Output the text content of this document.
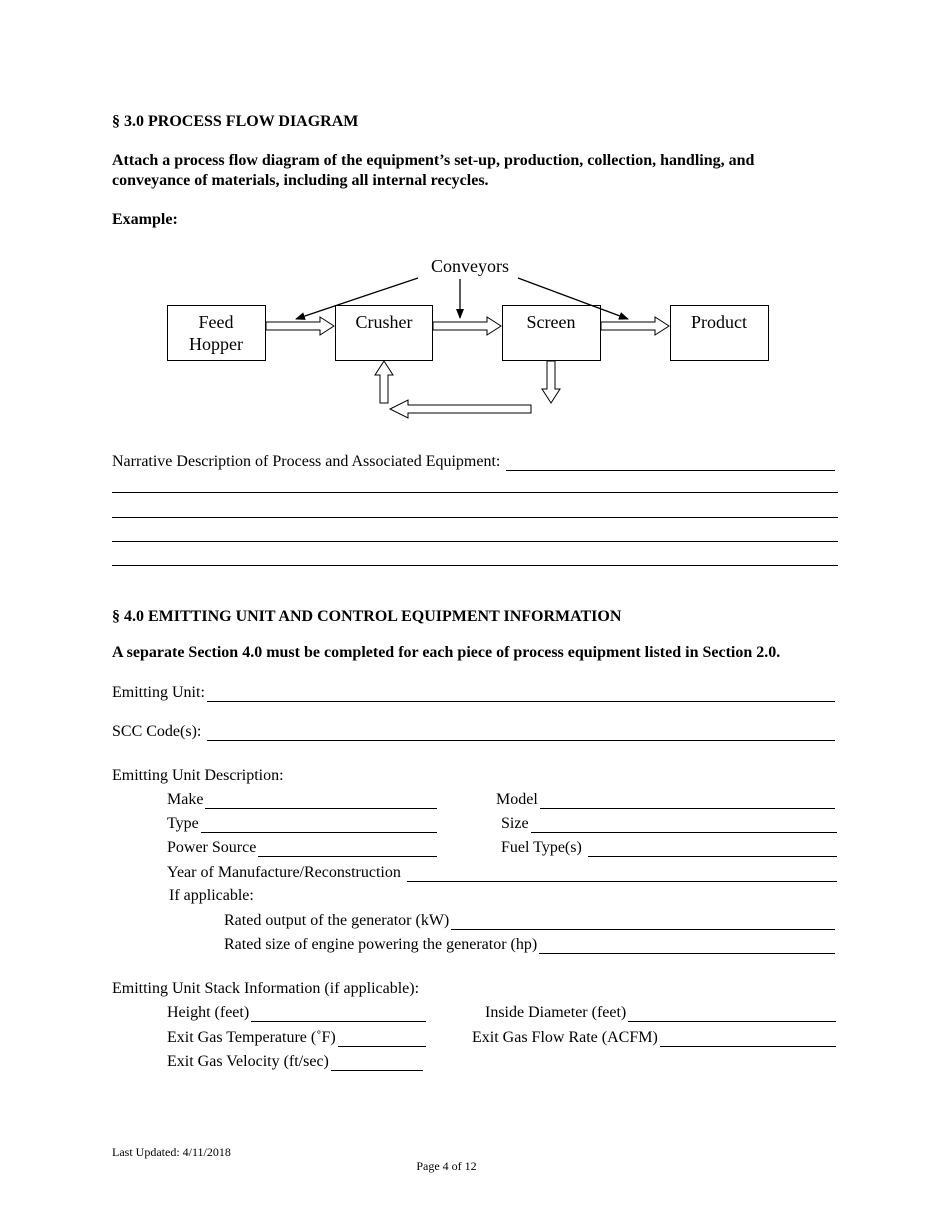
§ 3.0 PROCESS FLOW DIAGRAM
Attach a process flow diagram of the equipment’s set-up, production, collection, handling, and
conveyance of materials, including all internal recycles.
Example:
Conveyors
Feed
Hopper
Crusher	Screen	Product
Narrative Description of Process and Associated Equipment:
§ 4.0 EMITTING UNIT AND CONTROL EQUIPMENT INFORMATION
A separate Section 4.0 must be completed for each piece of process equipment listed in Section 2.0.
Emitting Unit:
SCC Code(s):
Emitting Unit Description:
Make	Model
Type	Size
Power Source	Fuel Type(s)
Year of Manufacture/Reconstruction
If applicable:
Rated output of the generator (kW)
Rated size of engine powering the generator (hp)
Emitting Unit Stack Information (if applicable):
Height (feet)	Inside Diameter (feet)
Exit Gas Temperature (˚F)	Exit Gas Flow Rate (ACFM)
Exit Gas Velocity (ft/sec)
Last Updated: 4/11/2018
Page 4 of 12
